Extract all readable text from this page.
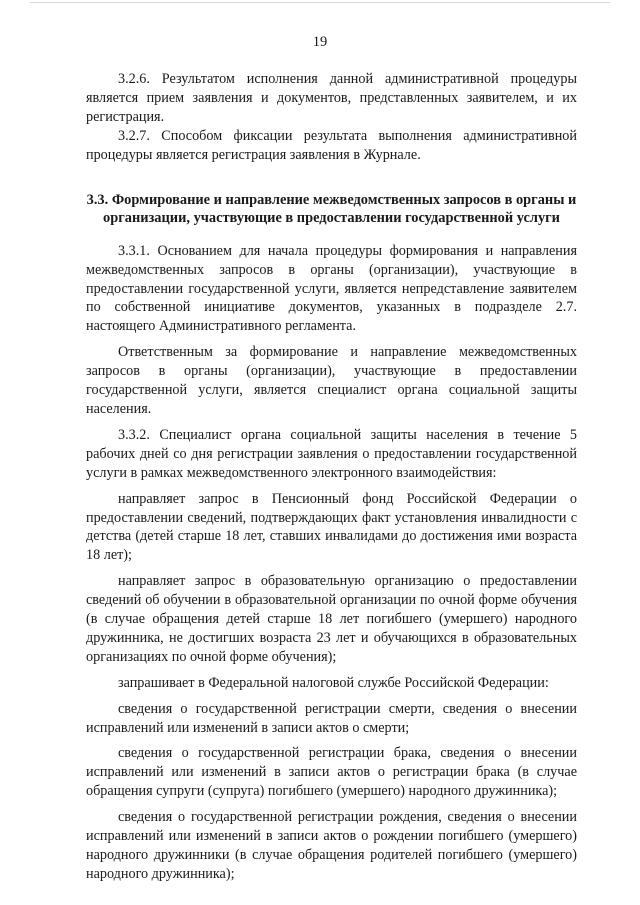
19

3.2.6. Результатом исполнения данной административной процедуры является прием заявления и документов, представленных заявителем, и их регистрация.

3.2.7. Способом фиксации результата выполнения административной процедуры является регистрация заявления в Журнале.

3.3. Формирование и направление межведомственных запросов в органы и организации, участвующие в предоставлении государственной услуги

3.3.1. Основанием для начала процедуры формирования и направления межведомственных запросов в органы (организации), участвующие в предоставлении государственной услуги, является непредставление заявителем по собственной инициативе документов, указанных в подразделе 2.7. настоящего Административного регламента.

Ответственным за формирование и направление межведомственных запросов в органы (организации), участвующие в предоставлении государственной услуги, является специалист органа социальной защиты населения.

3.3.2. Специалист органа социальной защиты населения в течение 5 рабочих дней со дня регистрации заявления о предоставлении государственной услуги в рамках межведомственного электронного взаимодействия:

направляет запрос в Пенсионный фонд Российской Федерации о предоставлении сведений, подтверждающих факт установления инвалидности с детства (детей старше 18 лет, ставших инвалидами до достижения ими возраста 18 лет);

направляет запрос в образовательную организацию о предоставлении сведений об обучении в образовательной организации по очной форме обучения (в случае обращения детей старше 18 лет погибшего (умершего) народного дружинника, не достигших возраста 23 лет и обучающихся в образовательных организациях по очной форме обучения);

запрашивает в Федеральной налоговой службе Российской Федерации:

сведения о государственной регистрации смерти, сведения о внесении исправлений или изменений в записи актов о смерти;

сведения о государственной регистрации брака, сведения о внесении исправлений или изменений в записи актов о регистрации брака (в случае обращения супруги (супруга) погибшего (умершего) народного дружинника);

сведения о государственной регистрации рождения, сведения о внесении исправлений или изменений в записи актов о рождении погибшего (умершего) народного дружинники (в случае обращения родителей погибшего (умершего) народного дружинника);
